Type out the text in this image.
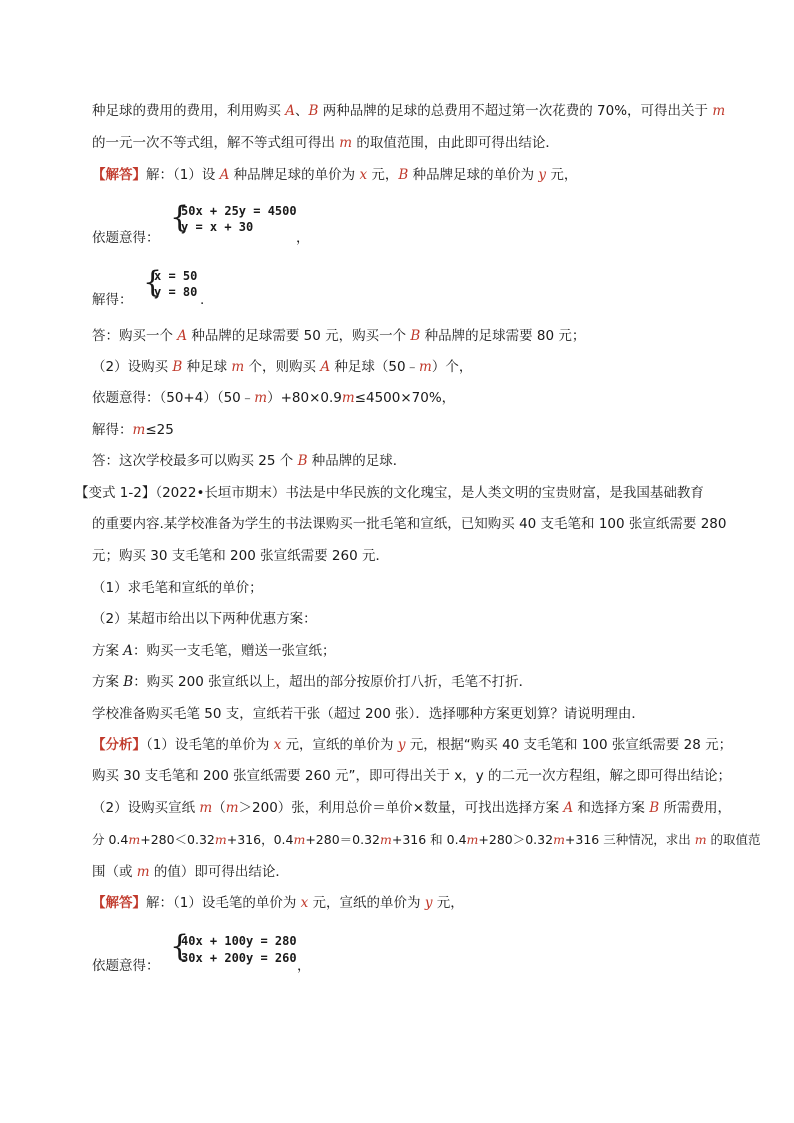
种足球的费用的费用，利用购买 A、B 两种品牌的足球的总费用不超过第一次花费的 70%，可得出关于 m
的一元一次不等式组，解不等式组可得出 m 的取值范围，由此即可得出结论．
【解答】解：（1）设 A 种品牌足球的单价为 x 元，B 种品牌足球的单价为 y 元，
{
50x + 25y = 4500
y = x + 30
依题意得：	，
{
x = 50
y = 80
解得：	.
答：购买一个 A 种品牌的足球需要 50 元，购买一个 B 种品牌的足球需要 80 元；
（2）设购买 B 种足球 m 个，则购买 A 种足球（50﹣m）个，
依题意得：（50+4）（50﹣m）+80×0.9m≤4500×70%，
解得：m≤25
答：这次学校最多可以购买 25 个 B 种品牌的足球．
【变式 1-2】（2022•长垣市期末）书法是中华民族的文化瑰宝，是人类文明的宝贵财富，是我国基础教育
的重要内容.某学校准备为学生的书法课购买一批毛笔和宣纸，已知购买 40 支毛笔和 100 张宣纸需要 280
元；购买 30 支毛笔和 200 张宣纸需要 260 元．
（1）求毛笔和宣纸的单价；
（2）某超市给出以下两种优惠方案：
方案 A：购买一支毛笔，赠送一张宣纸；
方案 B：购买 200 张宣纸以上，超出的部分按原价打八折，毛笔不打折．
学校准备购买毛笔 50 支，宣纸若干张（超过 200 张）．选择哪种方案更划算？请说明理由．
【分析】（1）设毛笔的单价为 x 元，宣纸的单价为 y 元，根据“购买 40 支毛笔和 100 张宣纸需要 28 元；
购买 30 支毛笔和 200 张宣纸需要 260 元”，即可得出关于 x，y 的二元一次方程组，解之即可得出结论；
（2）设购买宣纸 m（m＞200）张，利用总价＝单价×数量，可找出选择方案 A 和选择方案 B 所需费用，
分 0.4m+280＜0.32m+316，0.4m+280＝0.32m+316 和 0.4m+280＞0.32m+316 三种情况，求出 m 的取值范
围（或 m 的值）即可得出结论．
【解答】解：（1）设毛笔的单价为 x 元，宣纸的单价为 y 元，
{
40x + 100y = 280
30x + 200y = 260
依题意得：	，
